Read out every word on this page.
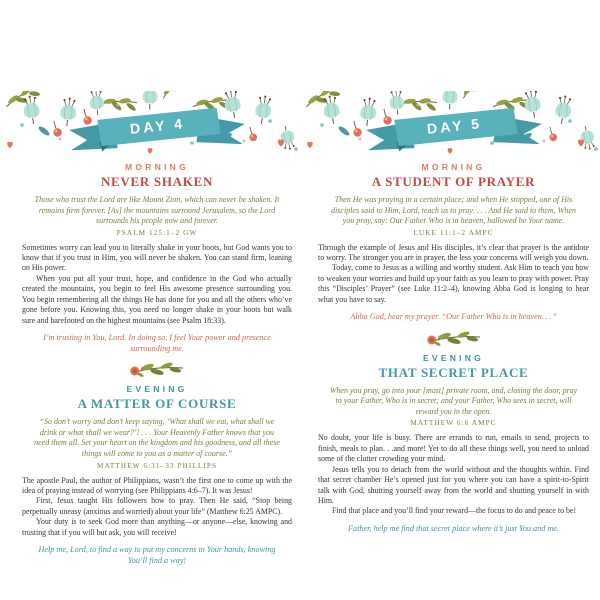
DAY 4
MORNING
NEVER SHAKEN

Those who trust the Lord are like Mount Zion, which can never be shaken. It remains firm forever. [As] the mountains surround Jerusalem, so the Lord surrounds his people now and forever.

PSALM 125:1–2 GW

Sometimes worry can lead you to literally shake in your boots, but God wants you to know that if you trust in Him, you will never be shaken. You can stand firm, leaning on His power.

When you put all your trust, hope, and confidence in the God who actually created the mountains, you begin to feel His awesome presence surrounding you. You begin remembering all the things He has done for you and all the others who’ve gone before you. Knowing this, you need no longer shake in your boots but walk sure and barefooted on the highest mountains (see Psalm 18:33).

I’m trusting in You, Lord. In doing so, I feel Your power and presence surrounding me.

EVENING
A MATTER OF COURSE

“So don’t worry and don’t keep saying, ‘What shall we eat, what shall we drink or what shall we wear?’! . . . Your Heavenly Father knows that you need them all. Set your heart on the kingdom and his goodness, and all these things will come to you as a matter of course.”

MATTHEW 6:31–33 PHILLIPS

The apostle Paul, the author of Philippians, wasn’t the first one to come up with the idea of praying instead of worrying (see Philippians 4:6–7). It was Jesus!

First, Jesus taught His followers how to pray. Then He said, “Stop being perpetually uneasy (anxious and worried) about your life” (Matthew 6:25 AMPC).

Your duty is to seek God more than anything—or anyone—else, knowing and trusting that if you will but ask, you will receive!

Help me, Lord, to find a way to put my concerns in Your hands, knowing You’ll find a way!

DAY 5
MORNING
A STUDENT OF PRAYER

Then He was praying in a certain place; and when He stopped, one of His disciples said to Him, Lord, teach us to pray. . . . And He said to them, When you pray, say: Our Father Who is in heaven, hallowed be Your name.

LUKE 11:1–2 AMPC

Through the example of Jesus and His disciples, it’s clear that prayer is the antidote to worry. The stronger you are in prayer, the less your concerns will weigh you down.

Today, come to Jesus as a willing and worthy student. Ask Him to teach you how to weaken your worries and build up your faith as you learn to pray with power. Pray this “Disciples’ Prayer” (see Luke 11:2–4), knowing Abba God is longing to hear what you have to say.

Abba God, hear my prayer. “Our Father Who is in heaven. . .”

EVENING
THAT SECRET PLACE

When you pray, go into your [most] private room, and, closing the door, pray to your Father, Who is in secret; and your Father, Who sees in secret, will reward you in the open.

MATTHEW 6:6 AMPC

No doubt, your life is busy. There are errands to run, emails to send, projects to finish, meals to plan. . .and more! Yet to do all these things well, you need to unload some of the clutter crowding your mind.

Jesus tells you to detach from the world without and the thoughts within. Find that secret chamber He’s opened just for you where you can have a spirit-to-Spirit talk with God, shutting yourself away from the world and shutting yourself in with Him.

Find that place and you’ll find your reward—the focus to do and peace to be!

Father, help me find that secret place where it’s just You and me.
